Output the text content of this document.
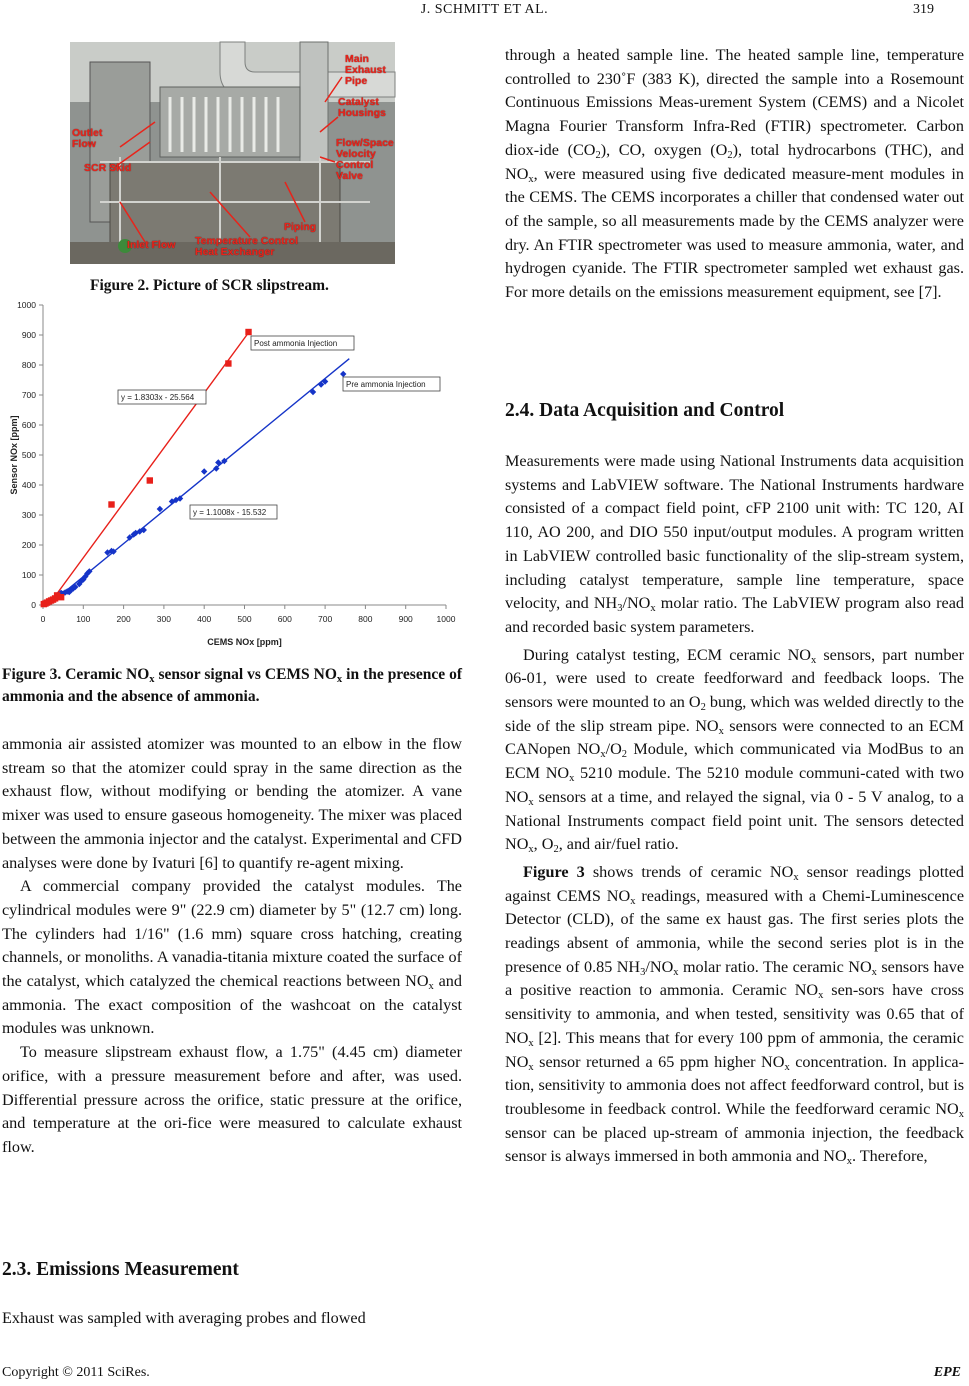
J. SCHMITT ET AL.	319
Main
Exhaust
Pipe
Catalyst
Housings
Outlet
Flow
SCR Skid
Flow/Space
Velocity
Control
Valve
Piping
Inlet Flow Temperature Control
Heat Exchanger
Figure 2. Picture of SCR slipstream.
0
100
200
300
400
500
600
700
800
900
1000
0	100	200	300	400	500	600	700	800	900	1000
CEMS NOx [ppm]
Sensor NOx [ppm]
Post ammonia Injection
Pre ammonia Injection
y = 1.8303x - 25.564
y = 1.1008x - 15.532
Figure 3. Ceramic $NO_x$ sensor signal vs CEMS $NO_x$ in the presence of ammonia and the absence of ammonia.

ammonia air assisted atomizer was mounted to an elbow in the flow stream so that the atomizer could spray in the same direction as the exhaust flow, without modifying or bending the atomizer. A vane mixer was used to ensure gaseous homogeneity. The mixer was placed between the ammonia injector and the catalyst. Experimental and CFD analyses were done by Ivaturi [6] to quantify re-agent mixing.

A commercial company provided the catalyst modules. The cylindrical modules were 9" (22.9 cm) diameter by 5" (12.7 cm) long. The cylinders had 1/16" (1.6 mm) square cross hatching, creating channels, or monoliths. A vanadia-titania mixture coated the surface of the catalyst, which catalyzed the chemical reactions between $NO_x$ and ammonia. The exact composition of the washcoat on the catalyst modules was unknown.

To measure slipstream exhaust flow, a 1.75" (4.45 cm) diameter orifice, with a pressure measurement before and after, was used. Differential pressure across the orifice, static pressure at the orifice, and temperature at the ori-fice were measured to calculate exhaust flow.

2.3. Emissions Measurement

Exhaust was sampled with averaging probes and flowed

through a heated sample line. The heated sample line, temperature controlled to 230˚F (383 K), directed the sample into a Rosemount Continuous Emissions Meas-urement System (CEMS) and a Nicolet Magna Fourier Transform Infra-Red (FTIR) spectrometer. Carbon diox-ide $(CO_2)$, CO, oxygen $(O_2)$, total hydrocarbons (THC), and $NO_x$, were measured using five dedicated measure-ment modules in the CEMS. The CEMS incorporates a chiller that condensed water out of the sample, so all measurements made by the CEMS analyzer were dry. An FTIR spectrometer was used to measure ammonia, water, and hydrogen cyanide. The FTIR spectrometer sampled wet exhaust gas. For more details on the emissions measurement equipment, see [7].

2.4. Data Acquisition and Control

Measurements were made using National Instruments data acquisition systems and LabVIEW software. The National Instruments hardware consisted of a compact field point, cFP 2100 unit with: TC 120, AI 110, AO 200, and DIO 550 input/output modules. A program written in LabVIEW controlled basic functionality of the slip-stream system, including catalyst temperature, sample line temperature, space velocity, and $NH_3/NO_x$ molar ratio. The LabVIEW program also read and recorded basic system parameters.

During catalyst testing, ECM ceramic $NO_x$ sensors, part number 06-01, were used to create feedforward and feedback loops. The sensors were mounted to an $O_2$ bung, which was welded directly to the side of the slip stream pipe. $NO_x$ sensors were connected to an ECM CANopen $NO_x/O_2$ Module, which communicated via ModBus to an ECM $NO_x$ 5210 module. The 5210 module communi-cated with two $NO_x$ sensors at a time, and relayed the signal, via 0 - 5 V analog, to a National Instruments compact field point unit. The sensors detected $NO_x$, $O_2$, and air/fuel ratio.

Figure 3 shows trends of ceramic $NO_x$ sensor readings plotted against CEMS $NO_x$ readings, measured with a Chemi-Luminescence Detector (CLD), of the same ex haust gas. The first series plots the readings absent of ammonia, while the second series plot is in the presence of 0.85 $NH_3/NO_x$ molar ratio. The ceramic $NO_x$ sensors have a positive reaction to ammonia. Ceramic $NO_x$ sen-sors have cross sensitivity to ammonia, and when tested, sensitivity was 0.65 that of $NO_x$ [2]. This means that for every 100 ppm of ammonia, the ceramic $NO_x$ sensor returned a 65 ppm higher $NO_x$ concentration. In applica-tion, sensitivity to ammonia does not affect feedforward control, but is troublesome in feedback control. While the feedforward ceramic $NO_x$ sensor can be placed up-stream of ammonia injection, the feedback sensor is always immersed in both ammonia and $NO_x$. Therefore,

Copyright © 2011 SciRes.	EPE
